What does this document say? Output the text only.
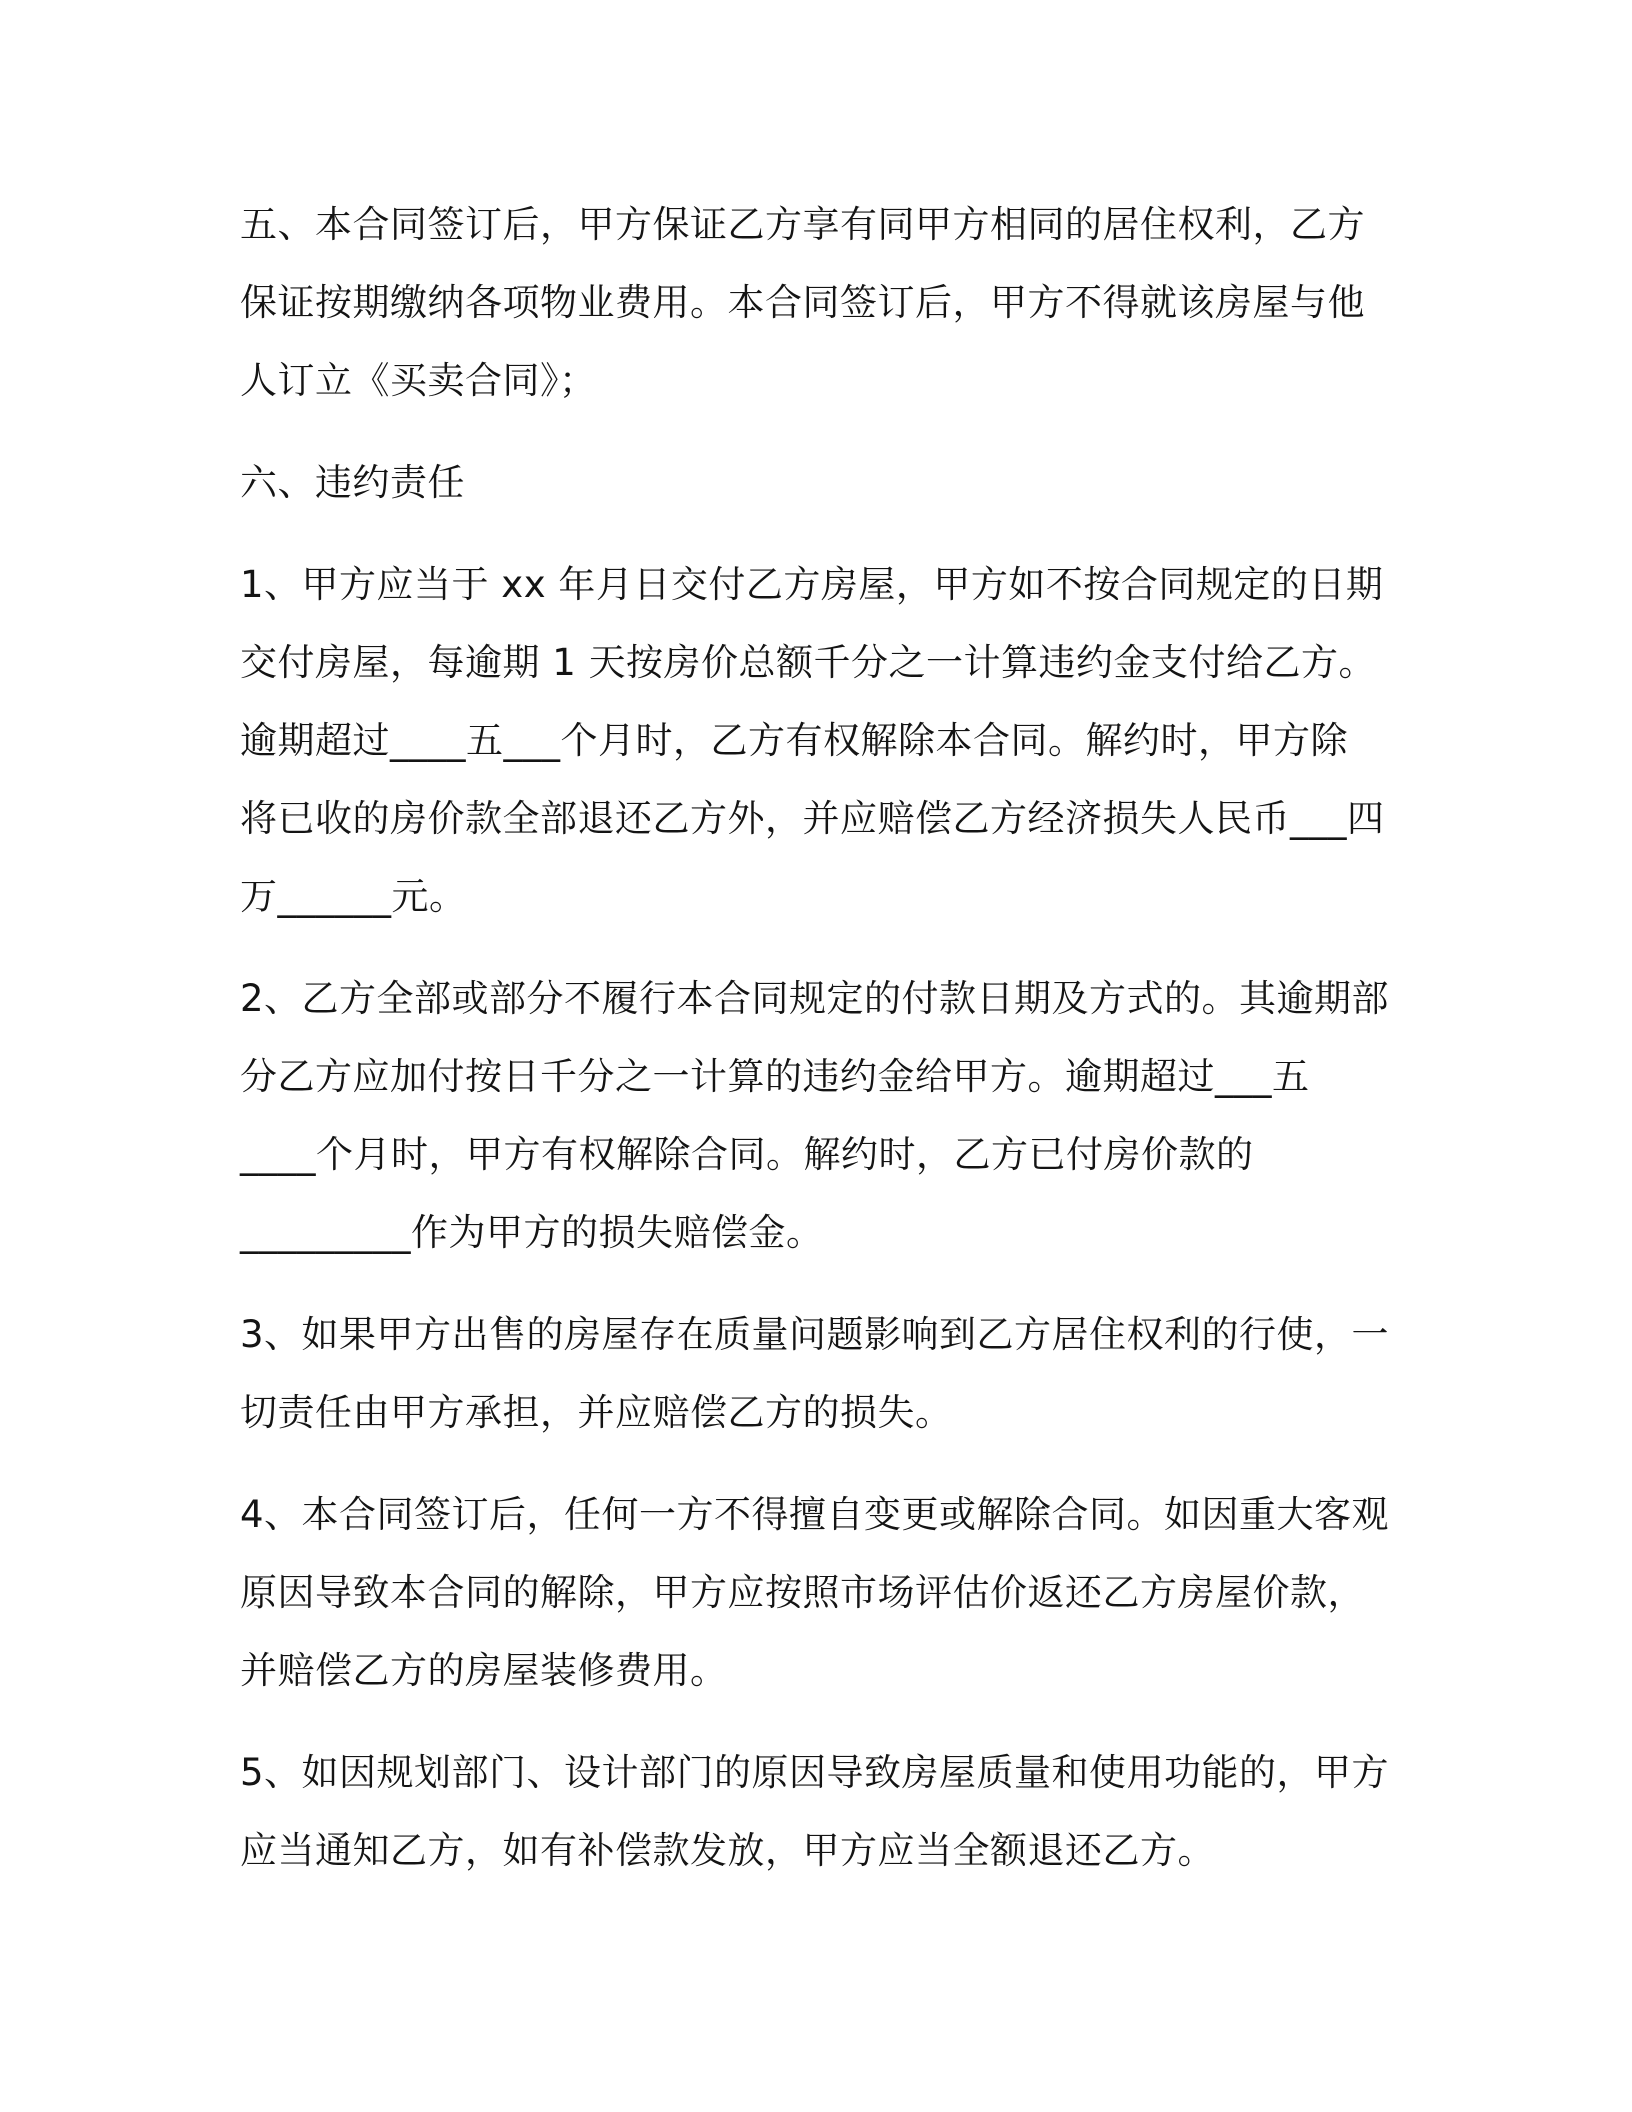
五、本合同签订后，甲方保证乙方享有同甲方相同的居住权利，乙方
保证按期缴纳各项物业费用。本合同签订后，甲方不得就该房屋与他
人订立《买卖合同》；

六、违约责任

1、甲方应当于 xx 年月日交付乙方房屋，甲方如不按合同规定的日期
交付房屋，每逾期 1 天按房价总额千分之一计算违约金支付给乙方。
逾期超过____五___个月时，乙方有权解除本合同。解约时，甲方除
将已收的房价款全部退还乙方外，并应赔偿乙方经济损失人民币___四
万______元。

2、乙方全部或部分不履行本合同规定的付款日期及方式的。其逾期部
分乙方应加付按日千分之一计算的违约金给甲方。逾期超过___五
____个月时，甲方有权解除合同。解约时，乙方已付房价款的
_________作为甲方的损失赔偿金。

3、如果甲方出售的房屋存在质量问题影响到乙方居住权利的行使，一
切责任由甲方承担，并应赔偿乙方的损失。

4、本合同签订后，任何一方不得擅自变更或解除合同。如因重大客观
原因导致本合同的解除，甲方应按照市场评估价返还乙方房屋价款，
并赔偿乙方的房屋装修费用。

5、如因规划部门、设计部门的原因导致房屋质量和使用功能的，甲方
应当通知乙方，如有补偿款发放，甲方应当全额退还乙方。
